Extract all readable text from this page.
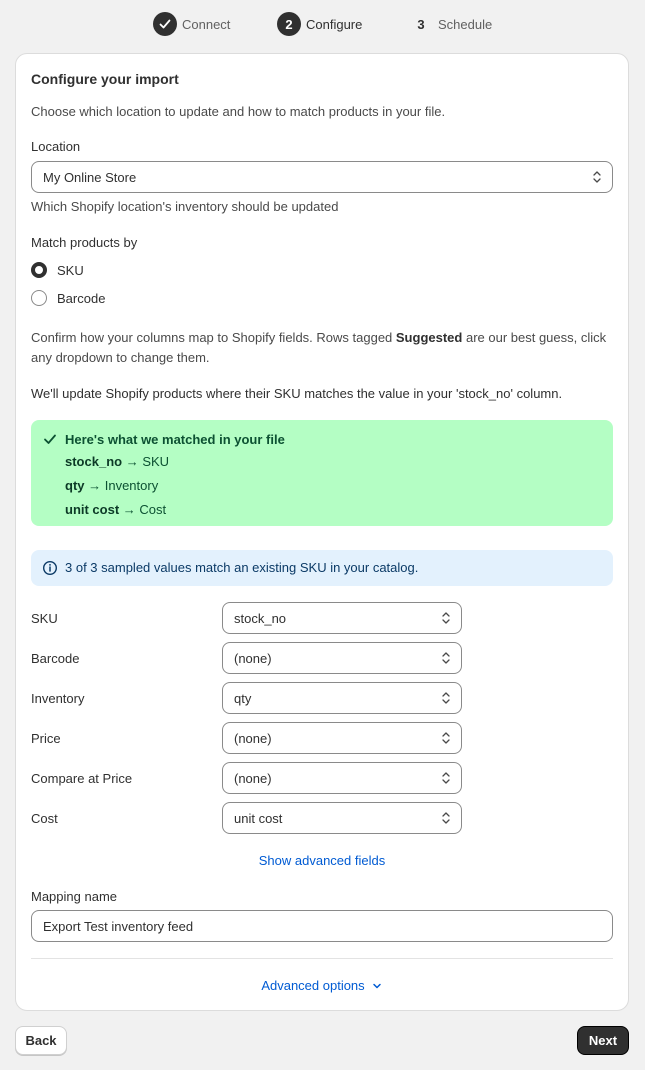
Connect	2	Configure	3	Schedule
Configure your import
Choose which location to update and how to match products in your file.
Location
My Online Store
Which Shopify location's inventory should be updated
Match products by
SKU
Barcode
Confirm how your columns map to Shopify fields. Rows tagged Suggested are our best guess, click any dropdown to change them.
We'll update Shopify products where their SKU matches the value in your 'stock_no' column.
Here's what we matched in your file
stock_no → SKU
qty → Inventory
unit cost → Cost
3 of 3 sampled values match an existing SKU in your catalog.
SKU	stock_no
Barcode	(none)
Inventory	qty
Price	(none)
Compare at Price	(none)
Cost	unit cost
Show advanced fields
Mapping name
Export Test inventory feed
Advanced options
Back	Next
